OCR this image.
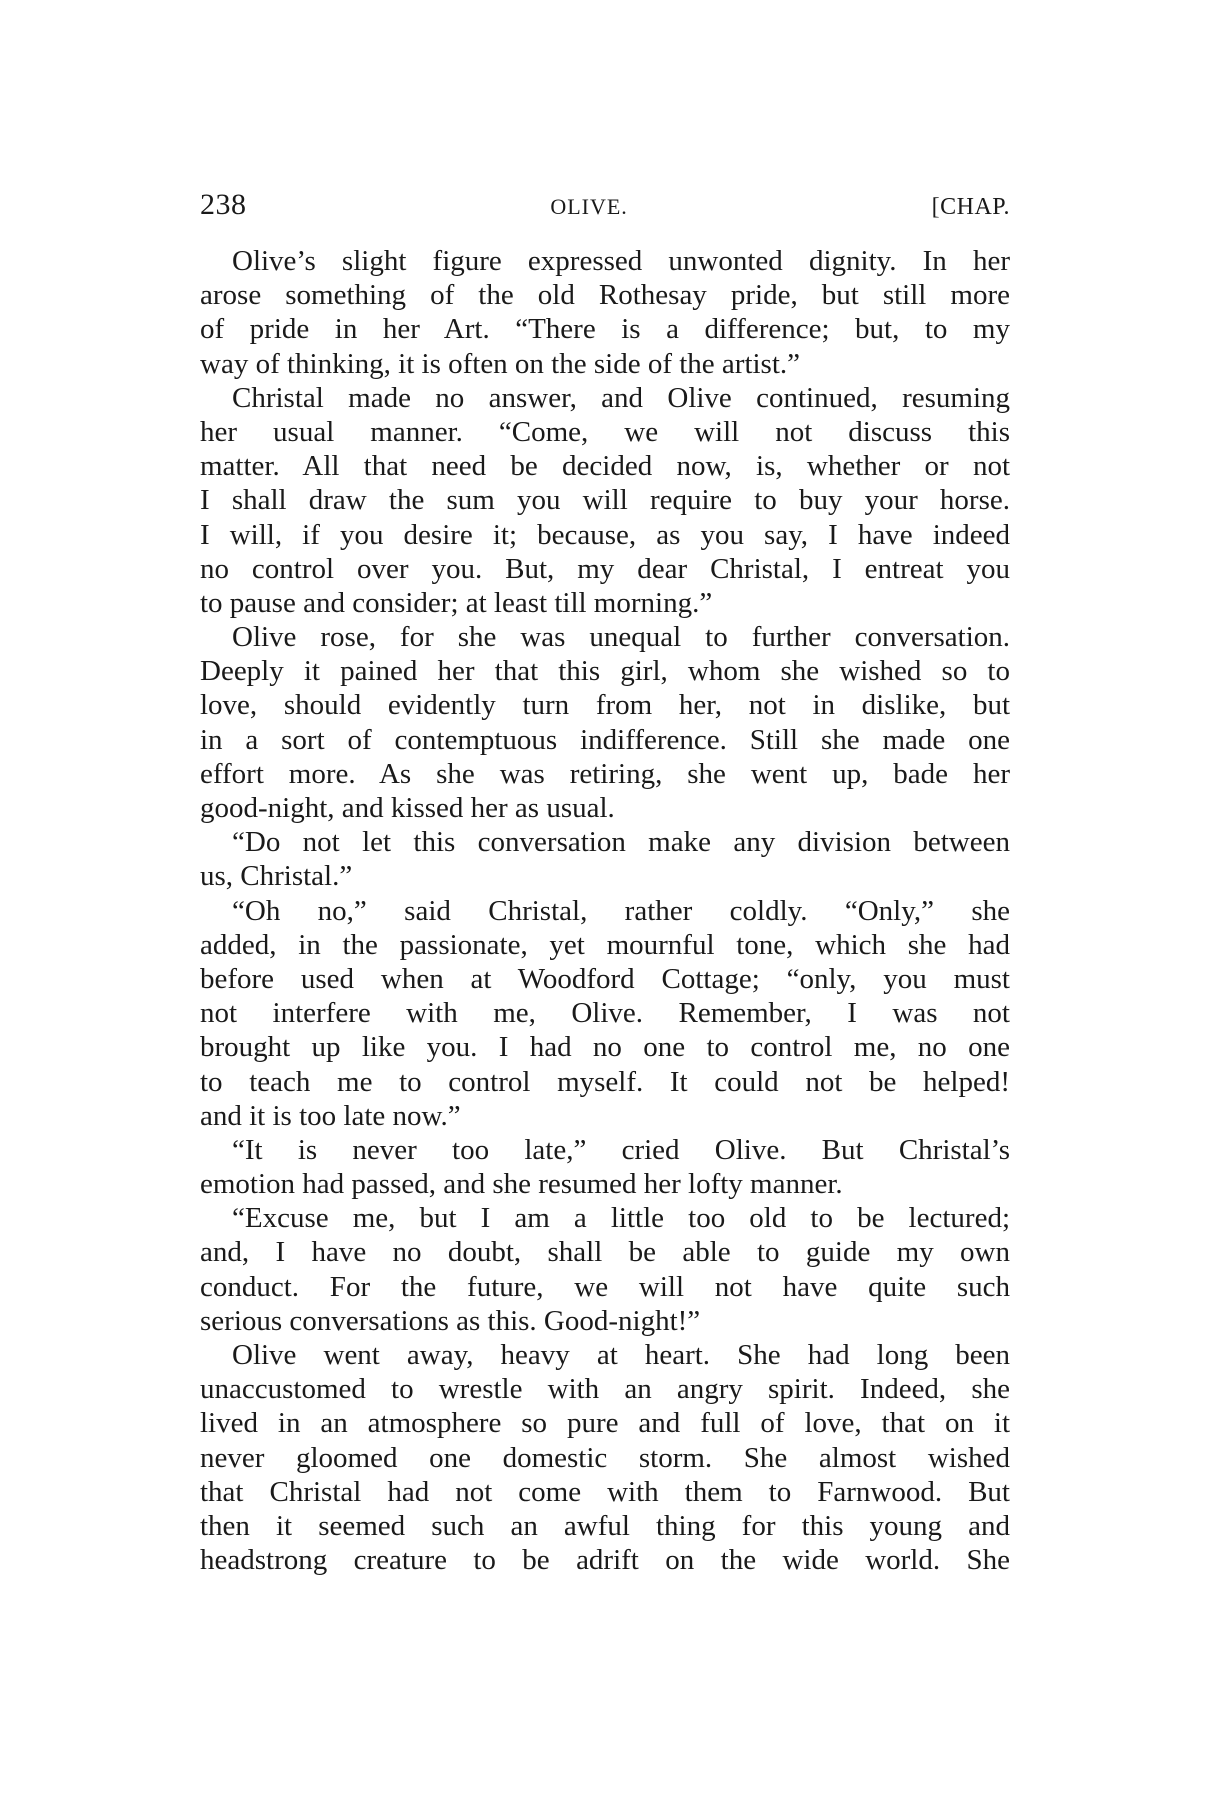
238	OLIVE.	[CHAP.
Olive’s slight figure expressed unwonted dignity. In her
arose something of the old Rothesay pride, but still more
of pride in her Art. “There is a difference; but, to my
way of thinking, it is often on the side of the artist.”
Christal made no answer, and Olive continued, resuming
her usual manner. “Come, we will not discuss this
matter. All that need be decided now, is, whether or not
I shall draw the sum you will require to buy your horse.
I will, if you desire it; because, as you say, I have indeed
no control over you. But, my dear Christal, I entreat you
to pause and consider; at least till morning.”
Olive rose, for she was unequal to further conversation.
Deeply it pained her that this girl, whom she wished so to
love, should evidently turn from her, not in dislike, but
in a sort of contemptuous indifference. Still she made one
effort more. As she was retiring, she went up, bade her
good-night, and kissed her as usual.
“Do not let this conversation make any division between
us, Christal.”
“Oh no,” said Christal, rather coldly. “Only,” she
added, in the passionate, yet mournful tone, which she had
before used when at Woodford Cottage; “only, you must
not interfere with me, Olive. Remember, I was not
brought up like you. I had no one to control me, no one
to teach me to control myself. It could not be helped!
and it is too late now.”
“It is never too late,” cried Olive. But Christal’s
emotion had passed, and she resumed her lofty manner.
“Excuse me, but I am a little too old to be lectured;
and, I have no doubt, shall be able to guide my own
conduct. For the future, we will not have quite such
serious conversations as this. Good-night!”
Olive went away, heavy at heart. She had long been
unaccustomed to wrestle with an angry spirit. Indeed, she
lived in an atmosphere so pure and full of love, that on it
never gloomed one domestic storm. She almost wished
that Christal had not come with them to Farnwood. But
then it seemed such an awful thing for this young and
headstrong creature to be adrift on the wide world. She
